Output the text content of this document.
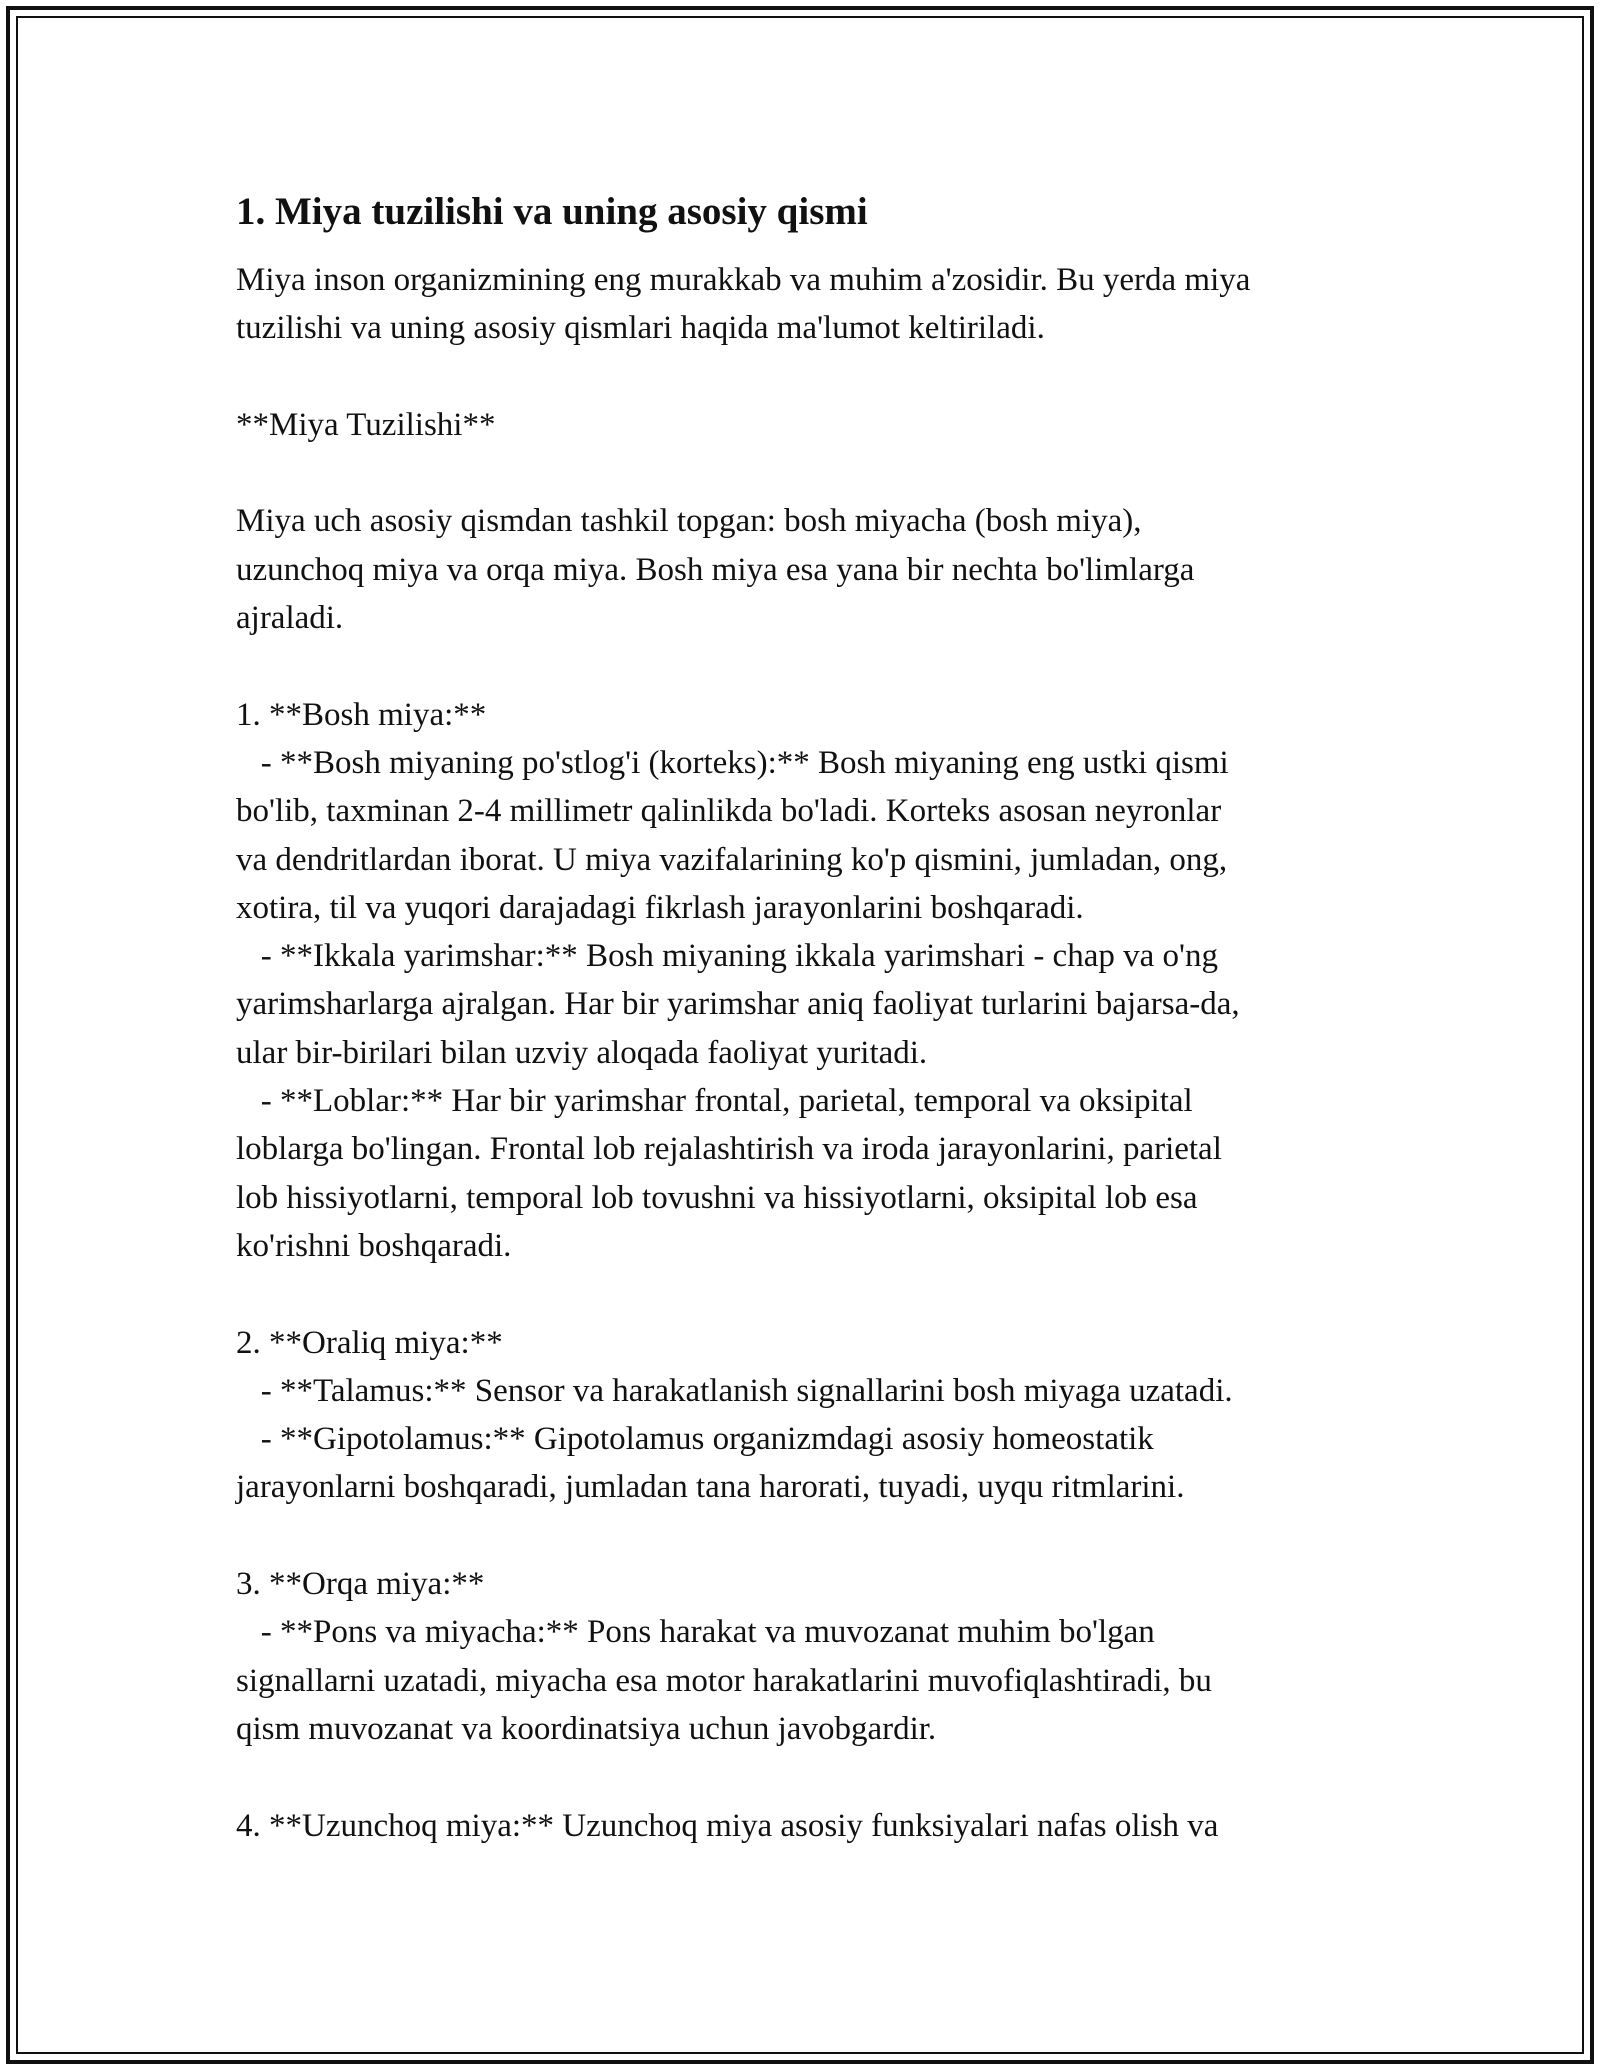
1. Miya tuzilishi va uning asosiy qismi
Miya inson organizmining eng murakkab va muhim a'zosidir. Bu yerda miya
tuzilishi va uning asosiy qismlari haqida ma'lumot keltiriladi.
**Miya Tuzilishi**
Miya uch asosiy qismdan tashkil topgan: bosh miyacha (bosh miya),
uzunchoq miya va orqa miya. Bosh miya esa yana bir nechta bo'limlarga
ajraladi.
1. **Bosh miya:**
- **Bosh miyaning po'stlog'i (korteks):** Bosh miyaning eng ustki qismi
bo'lib, taxminan 2-4 millimetr qalinlikda bo'ladi. Korteks asosan neyronlar
va dendritlardan iborat. U miya vazifalarining ko'p qismini, jumladan, ong,
xotira, til va yuqori darajadagi fikrlash jarayonlarini boshqaradi.
- **Ikkala yarimshar:** Bosh miyaning ikkala yarimshari - chap va o'ng
yarimsharlarga ajralgan. Har bir yarimshar aniq faoliyat turlarini bajarsa-da,
ular bir-birilari bilan uzviy aloqada faoliyat yuritadi.
- **Loblar:** Har bir yarimshar frontal, parietal, temporal va oksipital
loblarga bo'lingan. Frontal lob rejalashtirish va iroda jarayonlarini, parietal
lob hissiyotlarni, temporal lob tovushni va hissiyotlarni, oksipital lob esa
ko'rishni boshqaradi.
2. **Oraliq miya:**
- **Talamus:** Sensor va harakatlanish signallarini bosh miyaga uzatadi.
- **Gipotolamus:** Gipotolamus organizmdagi asosiy homeostatik
jarayonlarni boshqaradi, jumladan tana harorati, tuyadi, uyqu ritmlarini.
3. **Orqa miya:**
- **Pons va miyacha:** Pons harakat va muvozanat muhim bo'lgan
signallarni uzatadi, miyacha esa motor harakatlarini muvofiqlashtiradi, bu
qism muvozanat va koordinatsiya uchun javobgardir.
4. **Uzunchoq miya:** Uzunchoq miya asosiy funksiyalari nafas olish va
